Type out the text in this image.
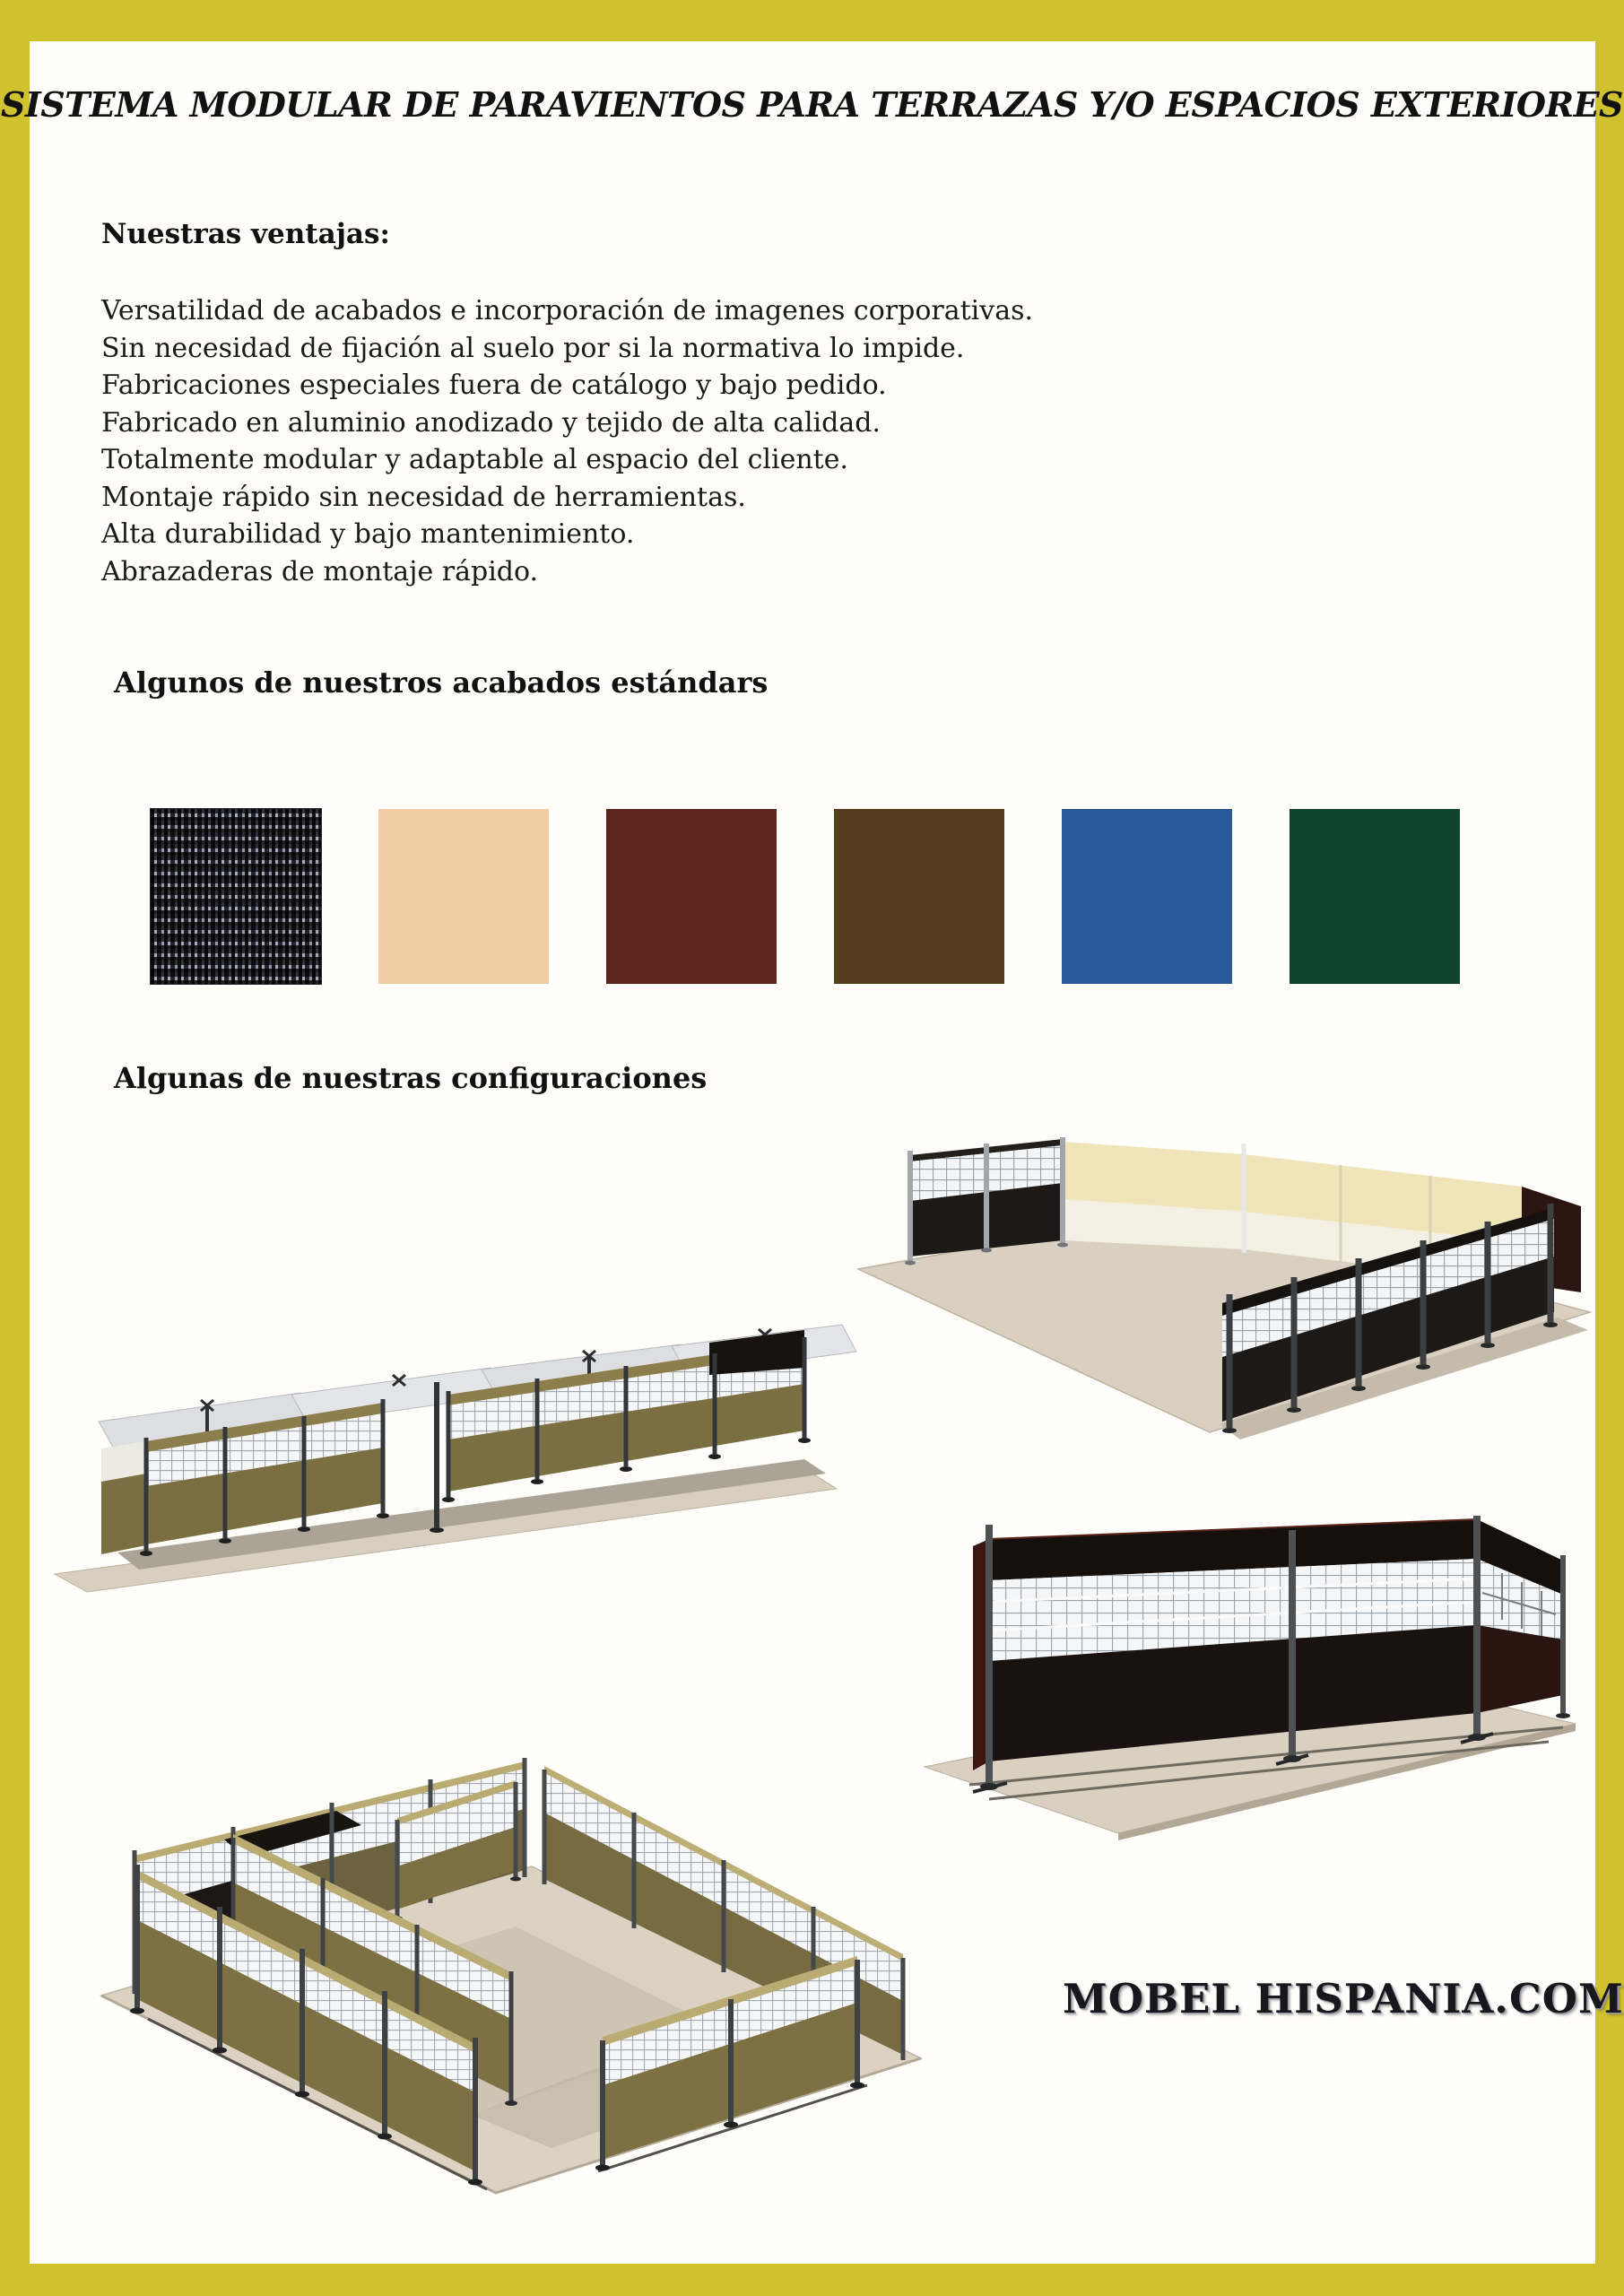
SISTEMA MODULAR DE PARAVIENTOS PARA TERRAZAS Y/O ESPACIOS EXTERIORES
Nuestras ventajas:
Versatilidad de acabados e incorporación de imagenes corporativas.
Sin necesidad de fijación al suelo por si la normativa lo impide.
Fabricaciones especiales fuera de catálogo y bajo pedido.
Fabricado en aluminio anodizado y tejido de alta calidad.
Totalmente modular y adaptable al espacio del cliente.
Montaje rápido sin necesidad de herramientas.
Alta durabilidad y bajo mantenimiento.
Abrazaderas de montaje rápido.
Algunos de nuestros acabados estándars
Algunas de nuestras configuraciones
MOBEL HISPANIA.COM
